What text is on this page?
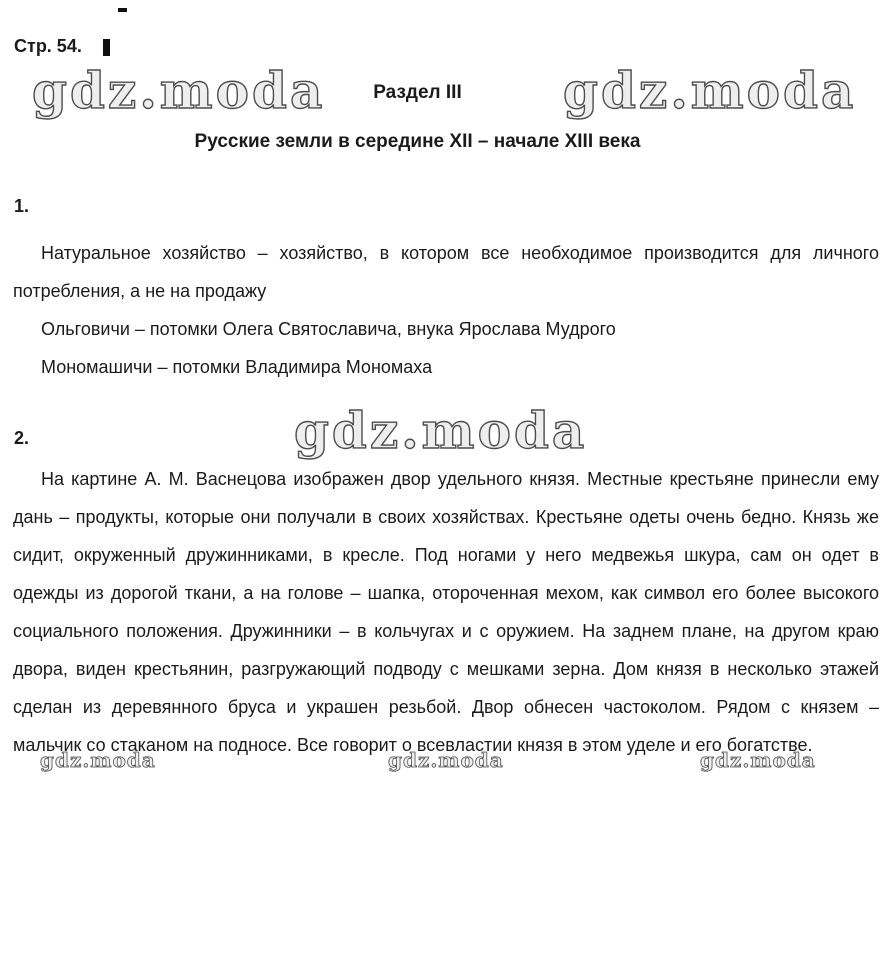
gdz.moda	gdz.moda
gdz.moda
gdz.moda	gdz.moda	gdz.moda
Стр. 54.
Раздел III
Русские земли в середине XII – начале XIII века
1.

Натуральное хозяйство – хозяйство, в котором все необходимое производится для личного потребления, а не на продажу

Ольговичи – потомки Олега Святославича, внука Ярослава Мудрого

Мономашичи – потомки Владимира Мономаха

2.

На картине А. М. Васнецова изображен двор удельного князя. Местные крестьяне принесли ему дань – продукты, которые они получали в своих хозяйствах. Крестьяне одеты очень бедно. Князь же сидит, окруженный дружинниками, в кресле. Под ногами у него медвежья шкура, сам он одет в одежды из дорогой ткани, а на голове – шапка, отороченная мехом, как символ его более высокого социального положения. Дружинники – в кольчугах и с оружием. На заднем плане, на другом краю двора, виден крестьянин, разгружающий подводу с мешками зерна. Дом князя в несколько этажей сделан из деревянного бруса и украшен резьбой. Двор обнесен частоколом. Рядом с князем – мальчик со стаканом на подносе. Все говорит о всевластии князя в этом уделе и его богатстве.
